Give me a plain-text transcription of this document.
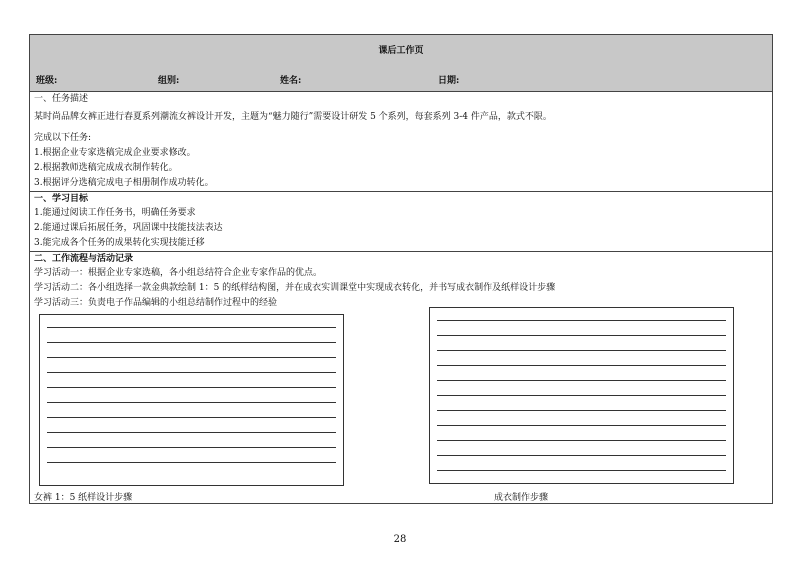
课后工作页
班级:	组别:	姓名:	日期:
一、任务描述
某时尚品牌女裤正进行春夏系列潮流女裤设计开发，主题为“魅力随行”需要设计研发 5 个系列，每套系列 3-4 件产品，款式不限。
完成以下任务:
1.根据企业专家选稿完成企业要求修改。
2.根据教师选稿完成成衣制作转化。
3.根据评分选稿完成电子相册制作成功转化。
一、学习目标
1.能通过阅读工作任务书，明确任务要求
2.能通过课后拓展任务，巩固课中技能技法表达
3.能完成各个任务的成果转化实现技能迁移
二、工作流程与活动记录
学习活动一：根据企业专家选稿，各小组总结符合企业专家作品的优点。
学习活动二：各小组选择一款金典款绘制 1：5 的纸样结构图，并在成衣实训课堂中实现成衣转化，并书写成衣制作及纸样设计步骤
学习活动三：负责电子作品编辑的小组总结制作过程中的经验
女裤 1：5 纸样设计步骤	成衣制作步骤
28
